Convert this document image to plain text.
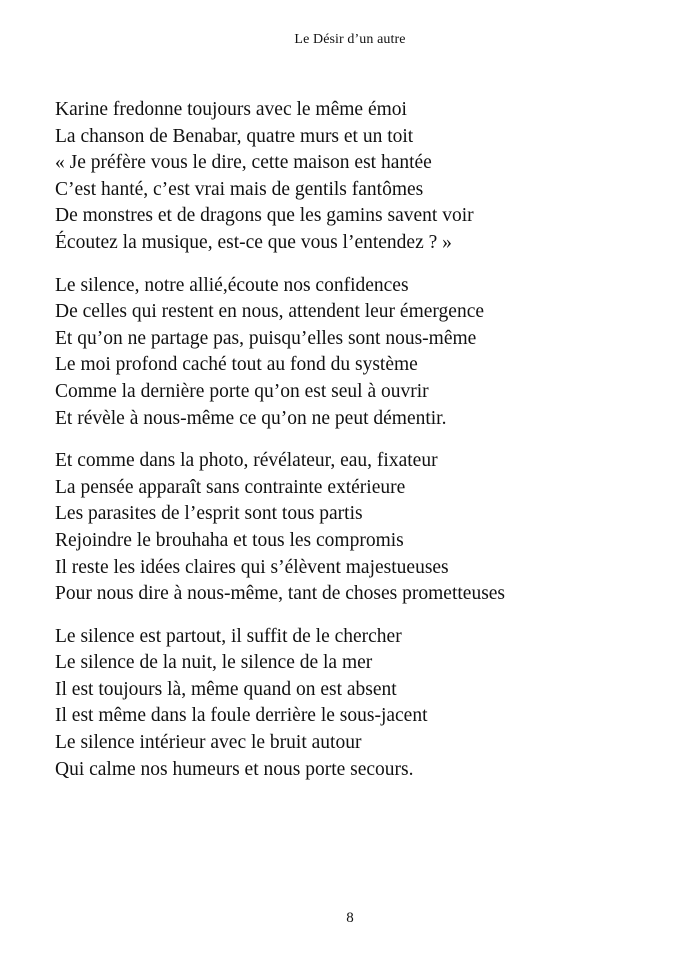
Le Désir d’un autre
Karine fredonne toujours avec le même émoi
La chanson de Benabar, quatre murs et un toit
« Je préfère vous le dire, cette maison est hantée
C’est hanté, c’est vrai mais de gentils fantômes
De monstres et de dragons que les gamins savent voir
Écoutez la musique, est-ce que vous l’entendez ? »
Le silence, notre allié,écoute nos confidences
De celles qui restent en nous, attendent leur émergence
Et qu’on ne partage pas, puisqu’elles sont nous-même
Le moi profond caché tout au fond du système
Comme la dernière porte qu’on est seul à ouvrir
Et révèle à nous-même ce qu’on ne peut démentir.
Et comme dans la photo, révélateur, eau, fixateur
La pensée apparaît sans contrainte extérieure
Les parasites de l’esprit sont tous partis
Rejoindre le brouhaha et tous les compromis
Il reste les idées claires qui s’élèvent majestueuses
Pour nous dire à nous-même, tant de choses prometteuses
Le silence est partout, il suffit de le chercher
Le silence de la nuit, le silence de la mer
Il est toujours là, même quand on est absent
Il est même dans la foule derrière le sous-jacent
Le silence intérieur avec le bruit autour
Qui calme nos humeurs et nous porte secours.
8
